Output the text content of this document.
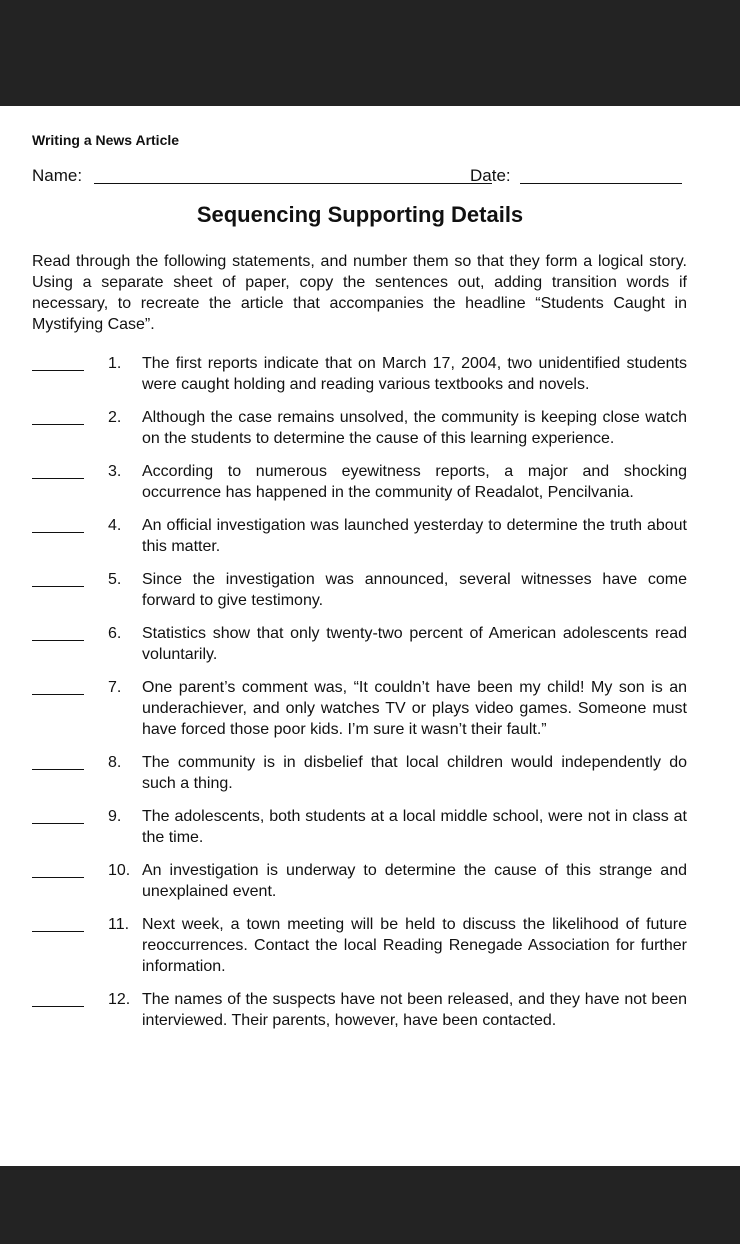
Writing a News Article
Name:	Date:
Sequencing Supporting Details
Read through the following statements, and number them so that they form a logical story. Using a separate sheet of paper, copy the sentences out, adding transition words if necessary, to recreate the article that accompanies the headline “Students Caught in Mystifying Case”.
1. The first reports indicate that on March 17, 2004, two unidentified students were caught holding and reading various textbooks and novels.
2. Although the case remains unsolved, the community is keeping close watch on the students to determine the cause of this learning experience.
3. According to numerous eyewitness reports, a major and shocking occurrence has happened in the community of Readalot, Pencilvania.
4. An official investigation was launched yesterday to determine the truth about this matter.
5. Since the investigation was announced, several witnesses have come forward to give testimony.
6. Statistics show that only twenty-two percent of American adolescents read voluntarily.
7. One parent’s comment was, “It couldn’t have been my child! My son is an underachiever, and only watches TV or plays video games. Someone must have forced those poor kids. I’m sure it wasn’t their fault.”
8. The community is in disbelief that local children would independently do such a thing.
9. The adolescents, both students at a local middle school, were not in class at the time.
10. An investigation is underway to determine the cause of this strange and unexplained event.
11. Next week, a town meeting will be held to discuss the likelihood of future reoccurrences. Contact the local Reading Renegade Association for further information.
12. The names of the suspects have not been released, and they have not been interviewed. Their parents, however, have been contacted.
